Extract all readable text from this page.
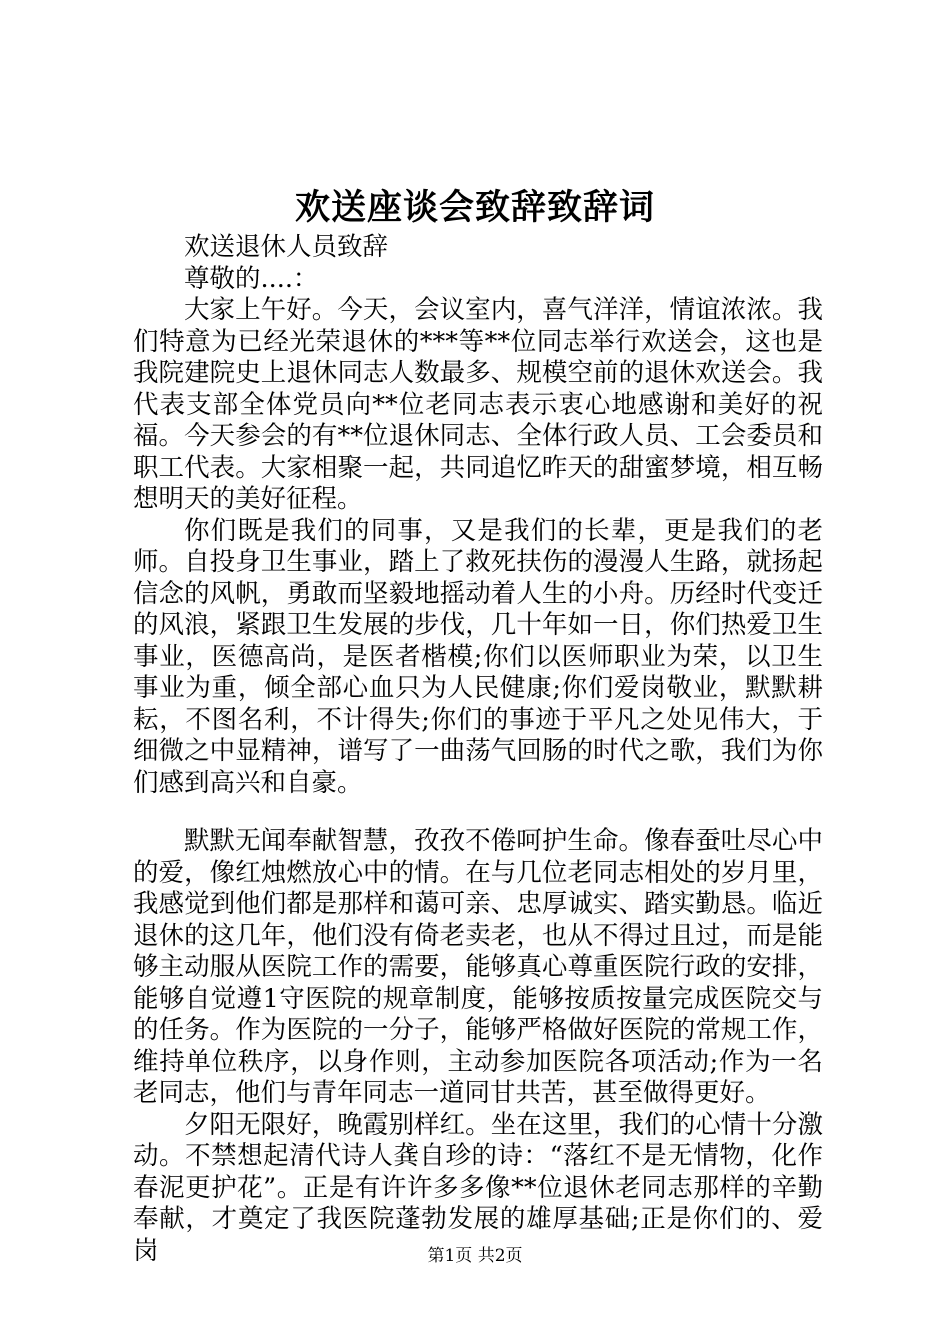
欢送座谈会致辞致辞词

欢送退休人员致辞

尊敬的....：

大家上午好。今天，会议室内，喜气洋洋，情谊浓浓。我们特意为已经光荣退休的***等**位同志举行欢送会，这也是我院建院史上退休同志人数最多、规模空前的退休欢送会。我代表支部全体党员向**位老同志表示衷心地感谢和美好的祝福。今天参会的有**位退休同志、全体行政人员、工会委员和职工代表。大家相聚一起，共同追忆昨天的甜蜜梦境，相互畅想明天的美好征程。

你们既是我们的同事，又是我们的长辈，更是我们的老师。自投身卫生事业，踏上了救死扶伤的漫漫人生路，就扬起信念的风帆，勇敢而坚毅地摇动着人生的小舟。历经时代变迁的风浪，紧跟卫生发展的步伐，几十年如一日，你们热爱卫生事业，医德高尚，是医者楷模;你们以医师职业为荣，以卫生事业为重，倾全部心血只为人民健康;你们爱岗敬业，默默耕耘，不图名利，不计得失;你们的事迹于平凡之处见伟大，于细微之中显精神，谱写了一曲荡气回肠的时代之歌，我们为你们感到高兴和自豪。

默默无闻奉献智慧，孜孜不倦呵护生命。像春蚕吐尽心中的爱，像红烛燃放心中的情。在与几位老同志相处的岁月里，我感觉到他们都是那样和蔼可亲、忠厚诚实、踏实勤恳。临近退休的这几年，他们没有倚老卖老，也从不得过且过，而是能够主动服从医院工作的需要，能够真心尊重医院行政的安排，能够自觉遵1守医院的规章制度，能够按质按量完成医院交与的任务。作为医院的一分子，能够严格做好医院的常规工作，维持单位秩序，以身作则，主动参加医院各项活动;作为一名老同志，他们与青年同志一道同甘共苦，甚至做得更好。

夕阳无限好，晚霞别样红。坐在这里，我们的心情十分激动。不禁想起清代诗人龚自珍的诗：“落红不是无情物，化作春泥更护花”。正是有许许多多像**位退休老同志那样的辛勤奉献，才奠定了我医院蓬勃发展的雄厚基础;正是你们的、爱岗	第1页 共2页
